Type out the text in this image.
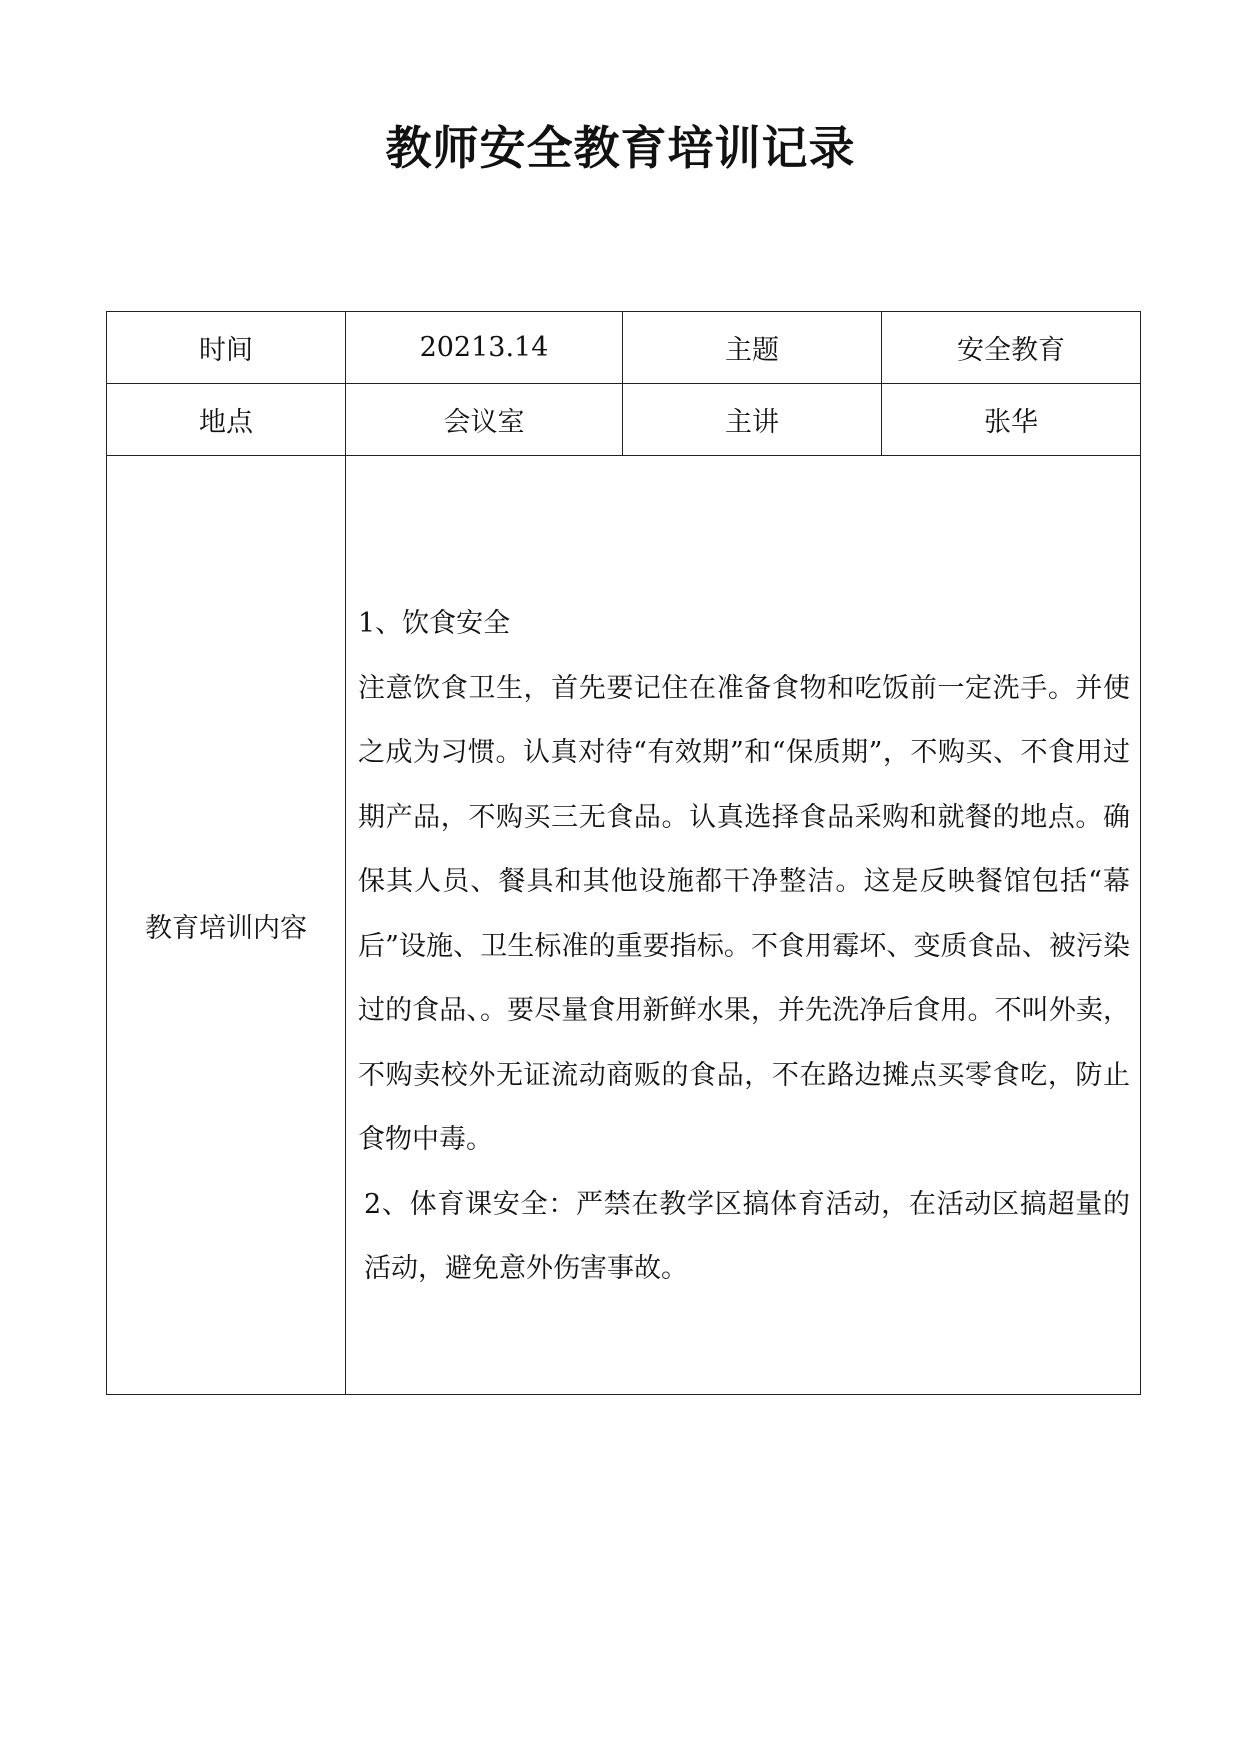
教师安全教育培训记录
时间	20213.14	主题	安全教育
地点	会议室	主讲	张华
教育培训内容	1、饮食安全

注意饮食卫生，首先要记住在准备食物和吃饭前一定洗手。并使之成为习惯。认真对待“有效期”和“保质期”，不购买、不食用过期产品，不购买三无食品。认真选择食品采购和就餐的地点。确保其人员、餐具和其他设施都干净整洁。这是反映餐馆包括“幕后”设施、卫生标准的重要指标。不食用霉坏、变质食品、被污染过的食品、。要尽量食用新鲜水果，并先洗净后食用。不叫外卖，不购卖校外无证流动商贩的食品，不在路边摊点买零食吃，防止食物中毒。

2、体育课安全：严禁在教学区搞体育活动，在活动区搞超量的活动，避免意外伤害事故。		
